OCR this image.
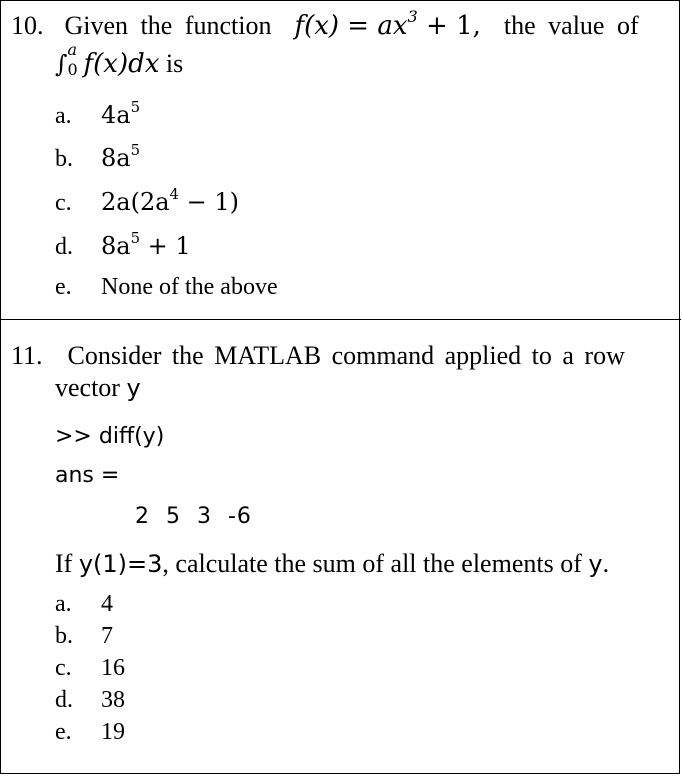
10. Given the function $f(x) = ax^3 + 1$, the value of
∫
a
0 f(x)dx is
a. $4a^5$
b. $8a^5$
c. $2a(2a^4 - 1)$
d. $8a^5 + 1$
e. None of the above
11. Consider the MATLAB command applied to a row
vector y
>> diff(y)
ans =
2  5  3  -6
If y(1)=3, calculate the sum of all the elements of y.
a. 4
b. 7
c. 16
d. 38
e. 19
